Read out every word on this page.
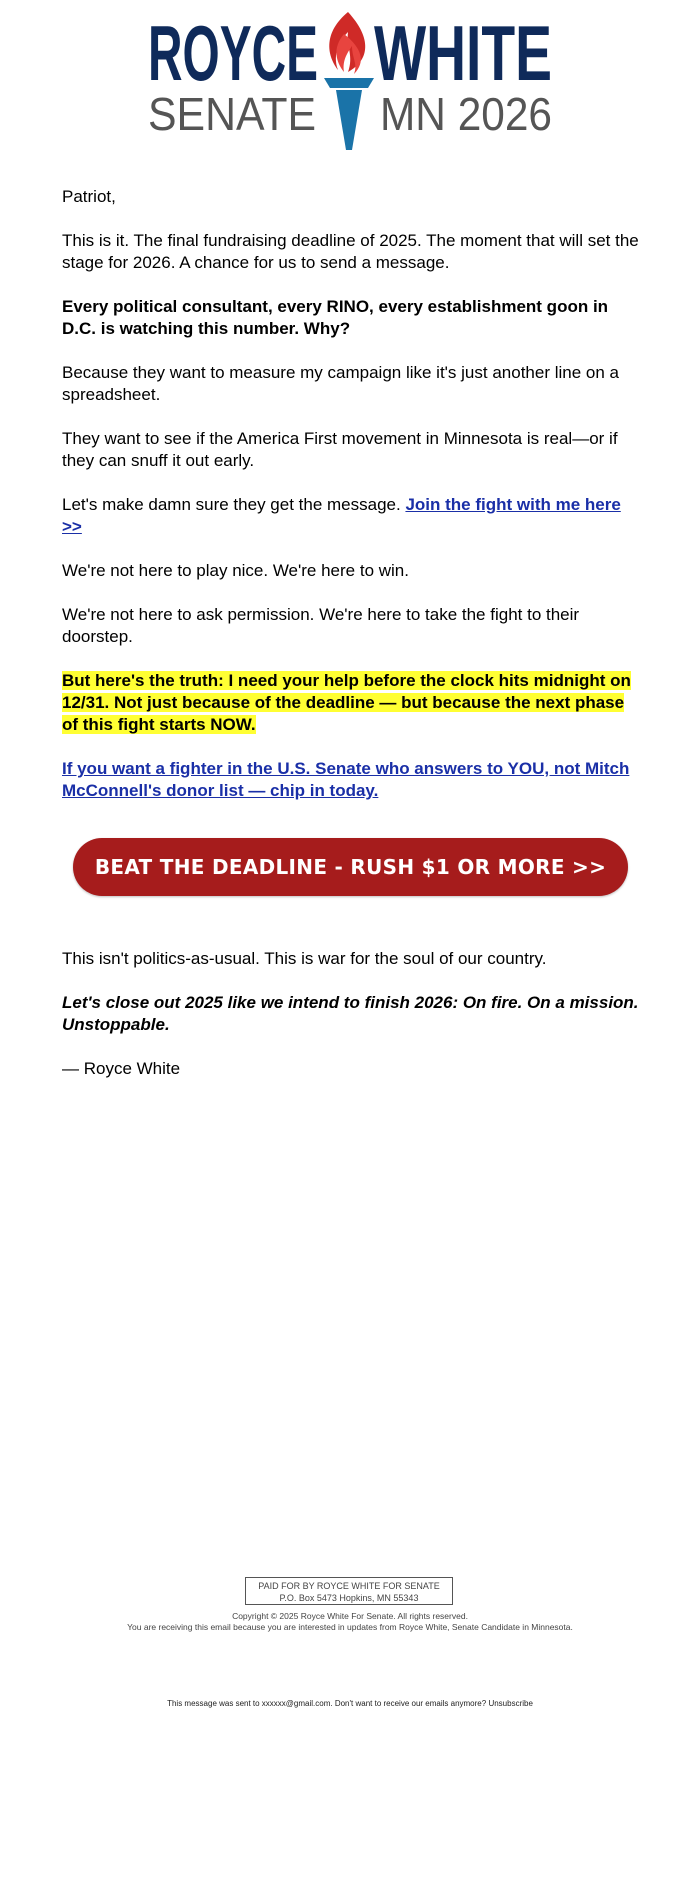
ROYCE WHITE
SENATE MN 2026

Patriot,

This is it. The final fundraising deadline of 2025. The moment that will set the stage for 2026. A chance for us to send a message.

Every political consultant, every RINO, every establishment goon in D.C. is watching this number. Why?

Because they want to measure my campaign like it's just another line on a spreadsheet.

They want to see if the America First movement in Minnesota is real—or if they can snuff it out early.

Let's make damn sure they get the message. Join the fight with me here >>

We're not here to play nice. We're here to win.

We're not here to ask permission. We're here to take the fight to their doorstep.

But here's the truth: I need your help before the clock hits midnight on 12/31. Not just because of the deadline — but because the next phase of this fight starts NOW.

If you want a fighter in the U.S. Senate who answers to YOU, not Mitch McConnell's donor list — chip in today.

BEAT THE DEADLINE - RUSH $1 OR MORE >>

This isn't politics-as-usual. This is war for the soul of our country.

Let's close out 2025 like we intend to finish 2026: On fire. On a mission. Unstoppable.

— Royce White

PAID FOR BY ROYCE WHITE FOR SENATE
P.O. Box 5473 Hopkins, MN 55343
Copyright © 2025 Royce White For Senate. All rights reserved.
You are receiving this email because you are interested in updates from Royce White, Senate Candidate in Minnesota.
This message was sent to xxxxxx@gmail.com. Don't want to receive our emails anymore? Unsubscribe
